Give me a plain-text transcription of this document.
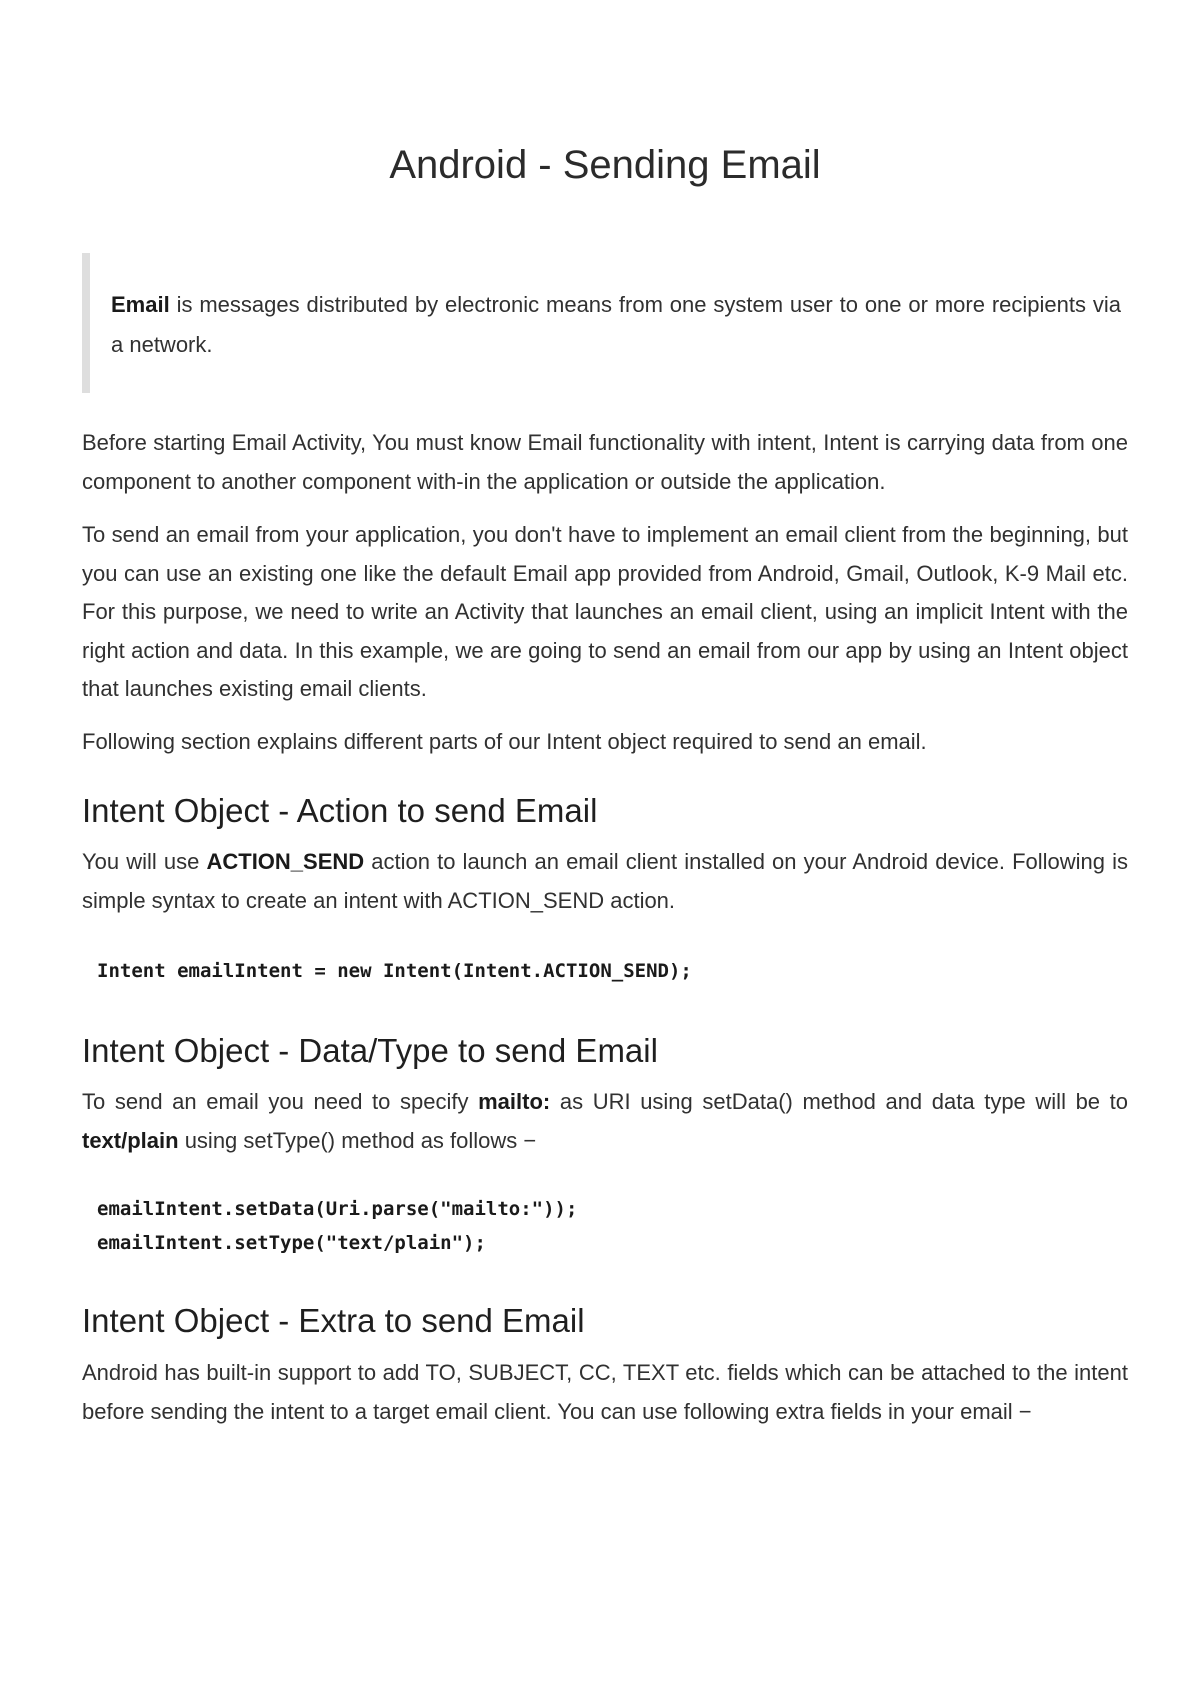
Android - Sending Email

Email is messages distributed by electronic means from one system user to one or more recipients via a network.

Before starting Email Activity, You must know Email functionality with intent, Intent is carrying data from one component to another component with-in the application or outside the application.

To send an email from your application, you don't have to implement an email client from the beginning, but you can use an existing one like the default Email app provided from Android, Gmail, Outlook, K-9 Mail etc. For this purpose, we need to write an Activity that launches an email client, using an implicit Intent with the right action and data. In this example, we are going to send an email from our app by using an Intent object that launches existing email clients.

Following section explains different parts of our Intent object required to send an email.

Intent Object - Action to send Email

You will use ACTION_SEND action to launch an email client installed on your Android device. Following is simple syntax to create an intent with ACTION_SEND action.

Intent emailIntent = new Intent(Intent.ACTION_SEND);
Intent Object - Data/Type to send Email

To send an email you need to specify mailto: as URI using setData() method and data type will be to text/plain using setType() method as follows −

emailIntent.setData(Uri.parse("mailto:"));
emailIntent.setType("text/plain");
Intent Object - Extra to send Email

Android has built-in support to add TO, SUBJECT, CC, TEXT etc. fields which can be attached to the intent before sending the intent to a target email client. You can use following extra fields in your email −
